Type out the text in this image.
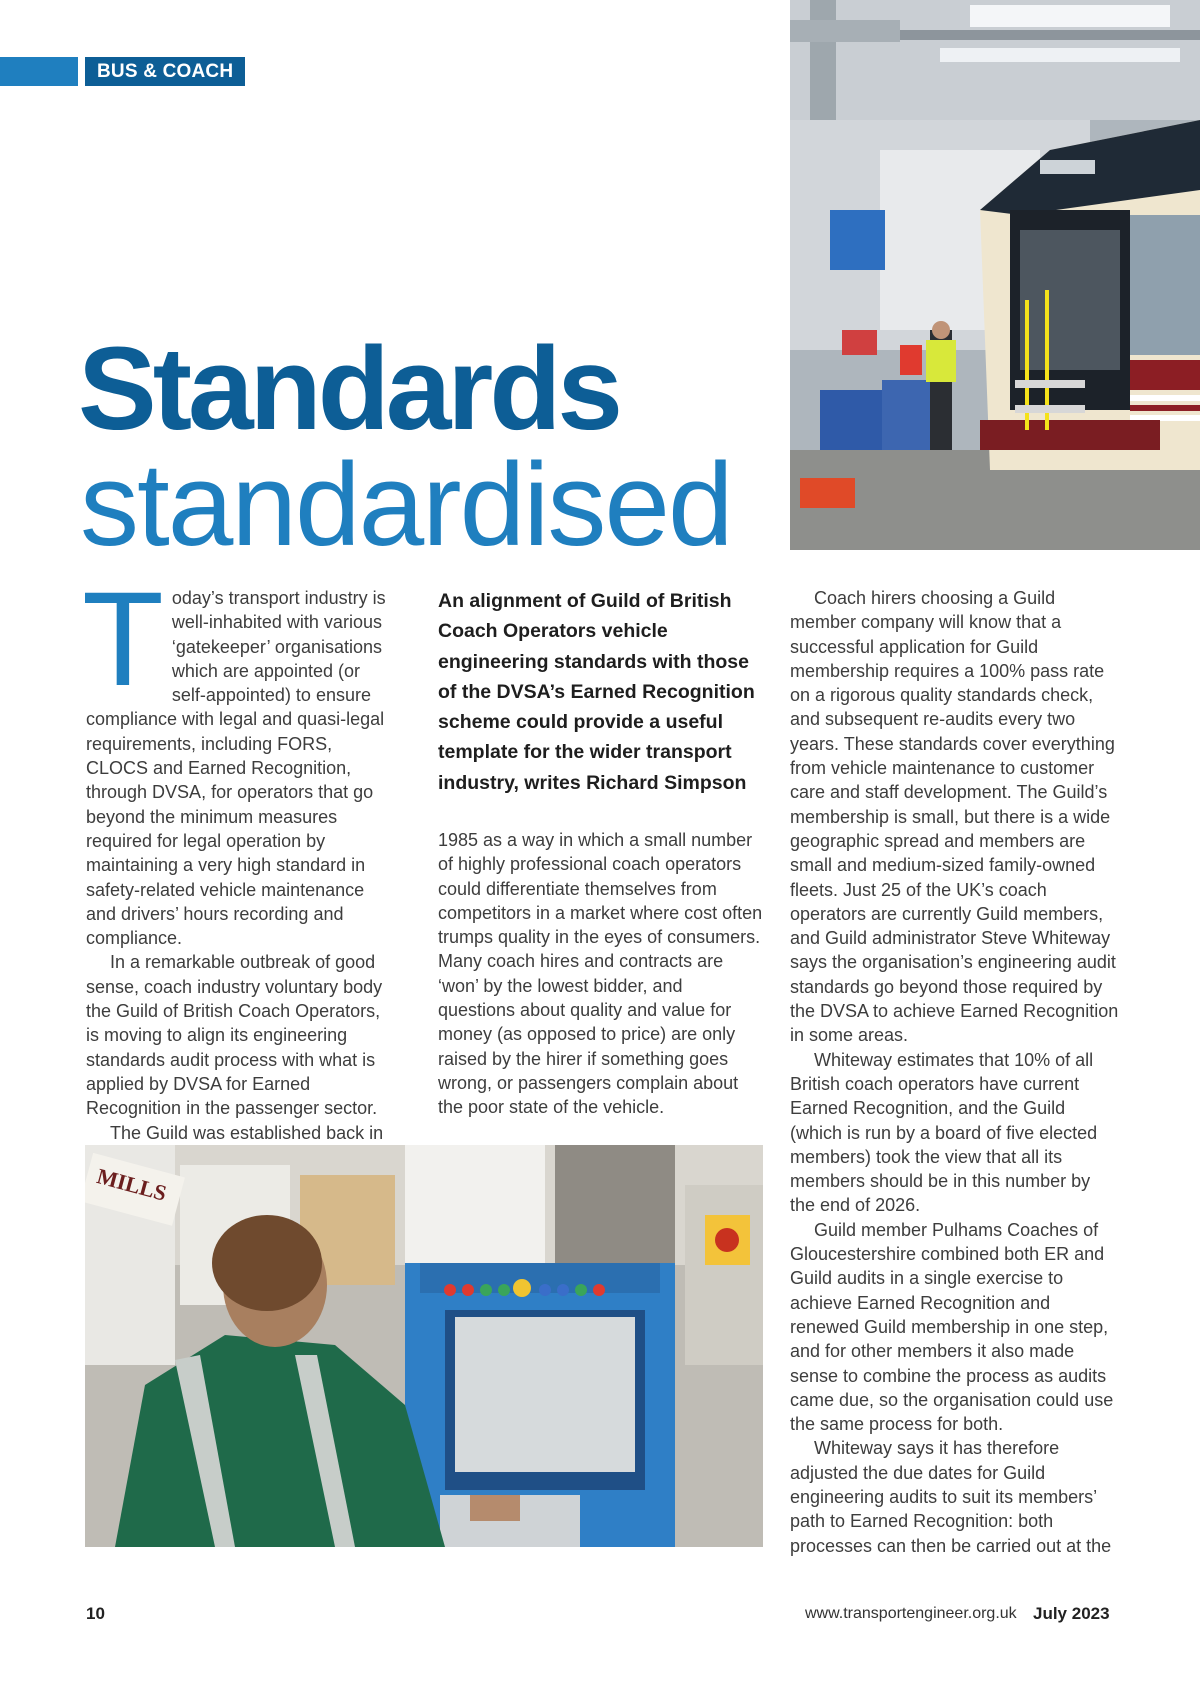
BUS & COACH
Standards
standardised

Today’s transport industry is well-inhabited with various ‘gatekeeper’ organisations which are appointed (or self-appointed) to ensure compliance with legal and quasi-legal requirements, including FORS, CLOCS and Earned Recognition, through DVSA, for operators that go beyond the minimum measures required for legal operation by maintaining a very high standard in safety-related vehicle maintenance and drivers’ hours recording and compliance.

In a remarkable outbreak of good sense, coach industry voluntary body the Guild of British Coach Operators, is moving to align its engineering standards audit process with what is applied by DVSA for Earned Recognition in the passenger sector.

The Guild was established back in

An alignment of Guild of British Coach Operators vehicle engineering standards with those of the DVSA’s Earned Recognition scheme could provide a useful template for the wider transport industry, writes Richard Simpson

1985 as a way in which a small number of highly professional coach operators could differentiate themselves from competitors in a market where cost often trumps quality in the eyes of consumers. Many coach hires and contracts are ‘won’ by the lowest bidder, and questions about quality and value for money (as opposed to price) are only raised by the hirer if something goes wrong, or passengers complain about the poor state of the vehicle.

Coach hirers choosing a Guild member company will know that a successful application for Guild membership requires a 100% pass rate on a rigorous quality standards check, and subsequent re-audits every two years. These standards cover everything from vehicle maintenance to customer care and staff development. The Guild’s membership is small, but there is a wide geographic spread and members are small and medium-sized family-owned fleets. Just 25 of the UK’s coach operators are currently Guild members, and Guild administrator Steve Whiteway says the organisation’s engineering audit standards go beyond those required by the DVSA to achieve Earned Recognition in some areas.

Whiteway estimates that 10% of all British coach operators have current Earned Recognition, and the Guild (which is run by a board of five elected members) took the view that all its members should be in this number by the end of 2026.

Guild member Pulhams Coaches of Gloucestershire combined both ER and Guild audits in a single exercise to achieve Earned Recognition and renewed Guild membership in one step, and for other members it also made sense to combine the process as audits came due, so the organisation could use the same process for both.

Whiteway says it has therefore adjusted the due dates for Guild engineering audits to suit its members’ path to Earned Recognition: both processes can then be carried out at the

MILLS
10	www.transportengineer.org.uk July 2023
